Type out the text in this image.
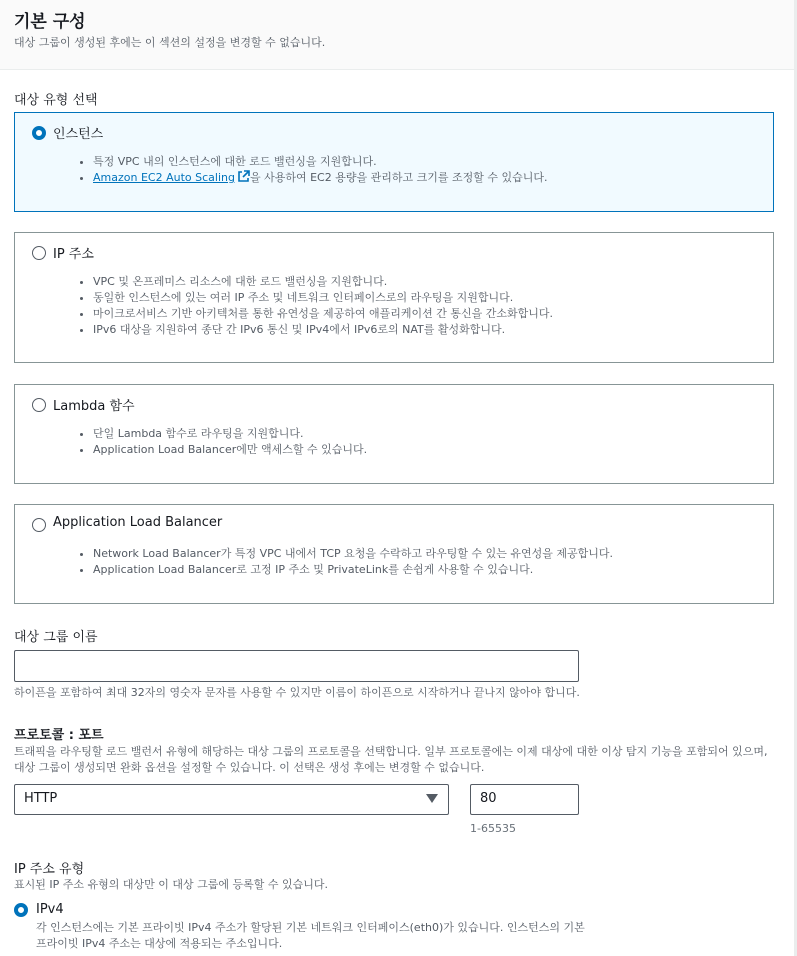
기본 구성
대상 그룹이 생성된 후에는 이 섹션의 설정을 변경할 수 없습니다.
대상 유형 선택
인스턴스
• 특정 VPC 내의 인스턴스에 대한 로드 밸런싱을 지원합니다.
• Amazon EC2 Auto Scaling 을 사용하여 EC2 용량을 관리하고 크기를 조정할 수 있습니다.
IP 주소
• VPC 및 온프레미스 리소스에 대한 로드 밸런싱을 지원합니다.
• 동일한 인스턴스에 있는 여러 IP 주소 및 네트워크 인터페이스로의 라우팅을 지원합니다.
• 마이크로서비스 기반 아키텍처를 통한 유연성을 제공하여 애플리케이션 간 통신을 간소화합니다.
• IPv6 대상을 지원하여 종단 간 IPv6 통신 및 IPv4에서 IPv6로의 NAT를 활성화합니다.
Lambda 함수
• 단일 Lambda 함수로 라우팅을 지원합니다.
• Application Load Balancer에만 액세스할 수 있습니다.
Application Load Balancer
• Network Load Balancer가 특정 VPC 내에서 TCP 요청을 수락하고 라우팅할 수 있는 유연성을 제공합니다.
• Application Load Balancer로 고정 IP 주소 및 PrivateLink를 손쉽게 사용할 수 있습니다.
대상 그룹 이름
하이픈을 포함하여 최대 32자의 영숫자 문자를 사용할 수 있지만 이름이 하이픈으로 시작하거나 끝나지 않아야 합니다.
프로토콜 : 포트
트래픽을 라우팅할 로드 밸런서 유형에 해당하는 대상 그룹의 프로토콜을 선택합니다. 일부 프로토콜에는 이제 대상에 대한 이상 탐지 기능을 포함되어 있으며, 대상 그룹이 생성되면 완화 옵션을 설정할 수 있습니다. 이 선택은 생성 후에는 변경할 수 없습니다.
HTTP	80
1-65535
IP 주소 유형
표시된 IP 주소 유형의 대상만 이 대상 그룹에 등록할 수 있습니다.
IPv4
각 인스턴스에는 기본 프라이빗 IPv4 주소가 할당된 기본 네트워크 인터페이스(eth0)가 있습니다. 인스턴스의 기본 프라이빗 IPv4 주소는 대상에 적용되는 주소입니다.
